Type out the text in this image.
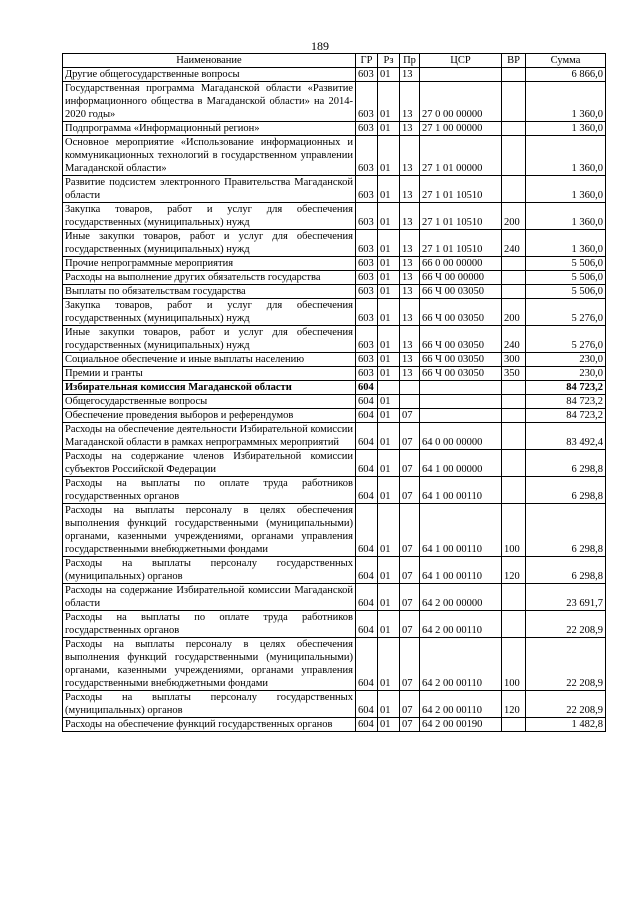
189
Наименование	ГР	Рз	Пр	ЦСР	ВР	Сумма
Другие общегосударственные вопросы	603	01	13			6 866,0
Государственная программа Магаданской области «Развитие информационного общества в Магаданской области» на 2014-2020 годы»	603	01	13	27 0 00 00000		1 360,0
Подпрограмма «Информационный регион»	603	01	13	27 1 00 00000		1 360,0
Основное мероприятие «Использование информационных и коммуникационных технологий в государственном управлении Магаданской области»	603	01	13	27 1 01 00000		1 360,0
Развитие подсистем электронного Правительства Магаданской области	603	01	13	27 1 01 10510		1 360,0
Закупка товаров, работ и услуг для обеспечения государственных (муниципальных) нужд	603	01	13	27 1 01 10510	200	1 360,0
Иные закупки товаров, работ и услуг для обеспечения государственных (муниципальных) нужд	603	01	13	27 1 01 10510	240	1 360,0
Прочие непрограммные мероприятия	603	01	13	66 0 00 00000		5 506,0
Расходы на выполнение других обязательств государства	603	01	13	66 Ч 00 00000		5 506,0
Выплаты по обязательствам государства	603	01	13	66 Ч 00 03050		5 506,0
Закупка товаров, работ и услуг для обеспечения государственных (муниципальных) нужд	603	01	13	66 Ч 00 03050	200	5 276,0
Иные закупки товаров, работ и услуг для обеспечения государственных (муниципальных) нужд	603	01	13	66 Ч 00 03050	240	5 276,0
Социальное обеспечение и иные выплаты населению	603	01	13	66 Ч 00 03050	300	230,0
Премии и гранты	603	01	13	66 Ч 00 03050	350	230,0
Избирательная комиссия Магаданской области	604					84 723,2
Общегосударственные вопросы	604	01				84 723,2
Обеспечение проведения выборов и референдумов	604	01	07			84 723,2
Расходы на обеспечение деятельности Избирательной комиссии Магаданской области в рамках непрограммных мероприятий	604	01	07	64 0 00 00000		83 492,4
Расходы на содержание членов Избирательной комиссии субъектов Российской Федерации	604	01	07	64 1 00 00000		6 298,8
Расходы на выплаты по оплате труда работников государственных органов	604	01	07	64 1 00 00110		6 298,8
Расходы на выплаты персоналу в целях обеспечения выполнения функций государственными (муниципальными) органами, казенными учреждениями, органами управления государственными внебюджетными фондами	604	01	07	64 1 00 00110	100	6 298,8
Расходы на выплаты персоналу государственных (муниципальных) органов	604	01	07	64 1 00 00110	120	6 298,8
Расходы на содержание Избирательной комиссии Магаданской области	604	01	07	64 2 00 00000		23 691,7
Расходы на выплаты по оплате труда работников государственных органов	604	01	07	64 2 00 00110		22 208,9
Расходы на выплаты персоналу в целях обеспечения выполнения функций государственными (муниципальными) органами, казенными учреждениями, органами управления государственными внебюджетными фондами	604	01	07	64 2 00 00110	100	22 208,9
Расходы на выплаты персоналу государственных (муниципальных) органов	604	01	07	64 2 00 00110	120	22 208,9
Расходы на обеспечение функций государственных органов	604	01	07	64 2 00 00190		1 482,8
